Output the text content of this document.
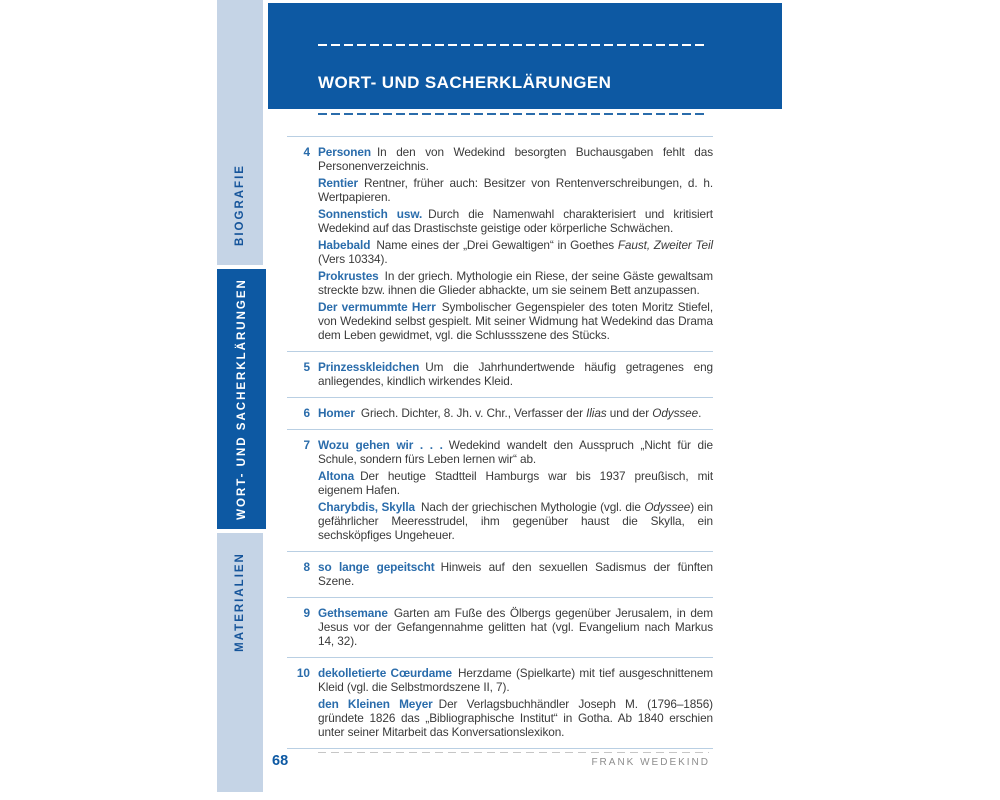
BIOGRAFIE
WORT- UND SACHERKLÄRUNGEN
MATERIALIEN
WORT- UND SACHERKLÄRUNGEN
4 Personen In den von Wedekind besorgten Buchausgaben fehlt das Personenverzeichnis.

Rentier Rentner, früher auch: Besitzer von Rentenverschreibungen, d. h. Wertpapieren.

Sonnenstich usw. Durch die Namenwahl charakterisiert und kritisiert Wedekind auf das Drastischste geistige oder körperliche Schwächen.

Habebald Name eines der „Drei Gewaltigen“ in Goethes Faust, Zweiter Teil (Vers 10334).

Prokrustes In der griech. Mythologie ein Riese, der seine Gäste gewaltsam streckte bzw. ihnen die Glieder abhackte, um sie seinem Bett anzupassen.

Der vermummte Herr Symbolischer Gegenspieler des toten Moritz Stiefel, von Wedekind selbst gespielt. Mit seiner Widmung hat Wedekind das Drama dem Leben gewidmet, vgl. die Schlussszene des Stücks.

5 Prinzesskleidchen Um die Jahrhundertwende häufig getragenes eng anliegendes, kindlich wirkendes Kleid.

6 Homer Griech. Dichter, 8. Jh. v. Chr., Verfasser der Ilias und der Odyssee.

7 Wozu gehen wir . . . Wedekind wandelt den Ausspruch „Nicht für die Schule, sondern fürs Leben lernen wir“ ab.

Altona Der heutige Stadtteil Hamburgs war bis 1937 preußisch, mit eigenem Hafen.

Charybdis, Skylla Nach der griechischen Mythologie (vgl. die Odyssee) ein gefährlicher Meeresstrudel, ihm gegenüber haust die Skylla, ein sechsköpfiges Ungeheuer.

8 so lange gepeitscht Hinweis auf den sexuellen Sadismus der fünften Szene.

9 Gethsemane Garten am Fuße des Ölbergs gegenüber Jerusalem, in dem Jesus vor der Gefangennahme gelitten hat (vgl. Evangelium nach Markus 14, 32).

10 dekolletierte Cœurdame Herzdame (Spielkarte) mit tief ausgeschnittenem Kleid (vgl. die Selbstmordszene II, 7).

den Kleinen Meyer Der Verlagsbuchhändler Joseph M. (1796–1856) gründete 1826 das „Bibliographische Institut“ in Gotha. Ab 1840 erschien unter seiner Mitarbeit das Konversationslexikon.

68	FRANK WEDEKIND
